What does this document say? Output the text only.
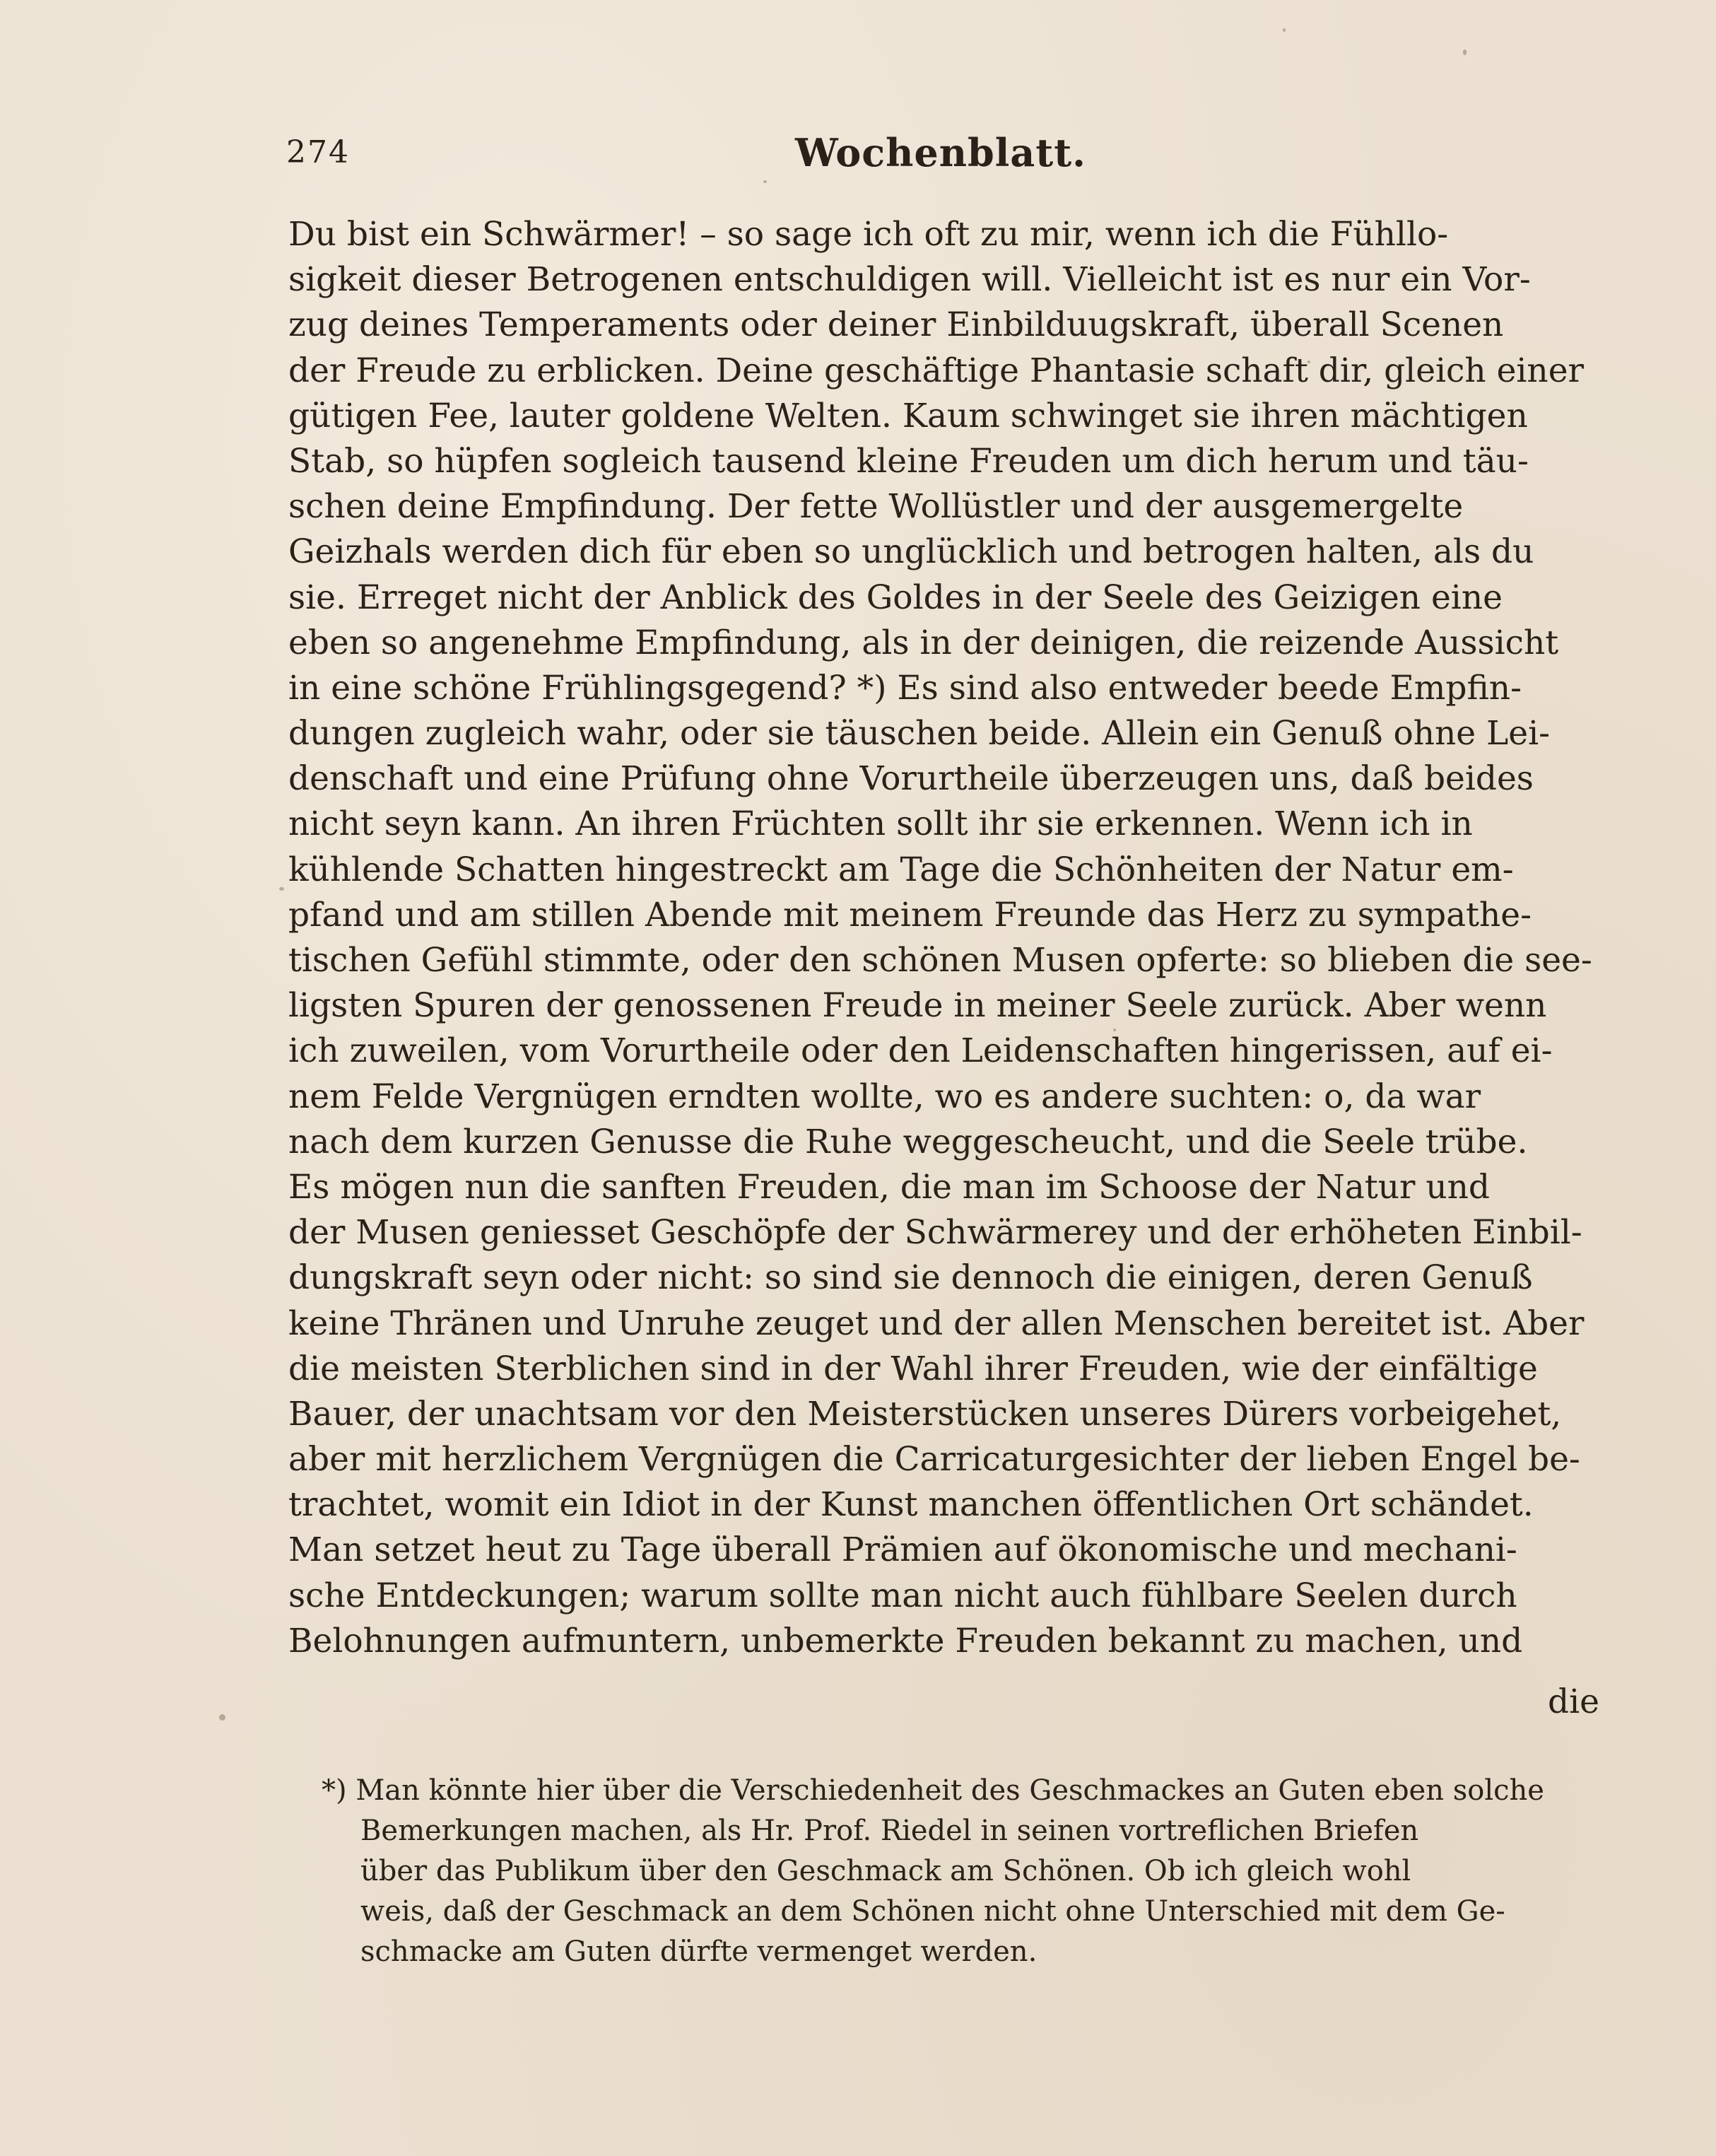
274	Wochenblatt.
Du bist ein Schwärmer! – so sage ich oft zu mir, wenn ich die Fühllo-
sigkeit dieser Betrogenen entschuldigen will. Vielleicht ist es nur ein Vor-
zug deines Temperaments oder deiner Einbilduugskraft, überall Scenen
der Freude zu erblicken. Deine geschäftige Phantasie schaft dir, gleich einer
gütigen Fee, lauter goldene Welten. Kaum schwinget sie ihren mächtigen
Stab, so hüpfen sogleich tausend kleine Freuden um dich herum und täu-
schen deine Empfindung. Der fette Wollüstler und der ausgemergelte
Geizhals werden dich für eben so unglücklich und betrogen halten, als du
sie. Erreget nicht der Anblick des Goldes in der Seele des Geizigen eine
eben so angenehme Empfindung, als in der deinigen, die reizende Aussicht
in eine schöne Frühlingsgegend? *) Es sind also entweder beede Empfin-
dungen zugleich wahr, oder sie täuschen beide. Allein ein Genuß ohne Lei-
denschaft und eine Prüfung ohne Vorurtheile überzeugen uns, daß beides
nicht seyn kann. An ihren Früchten sollt ihr sie erkennen. Wenn ich in
kühlende Schatten hingestreckt am Tage die Schönheiten der Natur em-
pfand und am stillen Abende mit meinem Freunde das Herz zu sympathe-
tischen Gefühl stimmte, oder den schönen Musen opferte: so blieben die see-
ligsten Spuren der genossenen Freude in meiner Seele zurück. Aber wenn
ich zuweilen, vom Vorurtheile oder den Leidenschaften hingerissen, auf ei-
nem Felde Vergnügen erndten wollte, wo es andere suchten: o, da war
nach dem kurzen Genusse die Ruhe weggescheucht, und die Seele trübe.
Es mögen nun die sanften Freuden, die man im Schoose der Natur und
der Musen geniesset Geschöpfe der Schwärmerey und der erhöheten Einbil-
dungskraft seyn oder nicht: so sind sie dennoch die einigen, deren Genuß
keine Thränen und Unruhe zeuget und der allen Menschen bereitet ist. Aber
die meisten Sterblichen sind in der Wahl ihrer Freuden, wie der einfältige
Bauer, der unachtsam vor den Meisterstücken unseres Dürers vorbeigehet,
aber mit herzlichem Vergnügen die Carricaturgesichter der lieben Engel be-
trachtet, womit ein Idiot in der Kunst manchen öffentlichen Ort schändet.
Man setzet heut zu Tage überall Prämien auf ökonomische und mechani-
sche Entdeckungen; warum sollte man nicht auch fühlbare Seelen durch
Belohnungen aufmuntern, unbemerkte Freuden bekannt zu machen, und
die
*) Man könnte hier über die Verschiedenheit des Geschmackes an Guten eben solche
Bemerkungen machen, als Hr. Prof. Riedel in seinen vortreflichen Briefen
über das Publikum über den Geschmack am Schönen. Ob ich gleich wohl
weis, daß der Geschmack an dem Schönen nicht ohne Unterschied mit dem Ge-
schmacke am Guten dürfte vermenget werden.
